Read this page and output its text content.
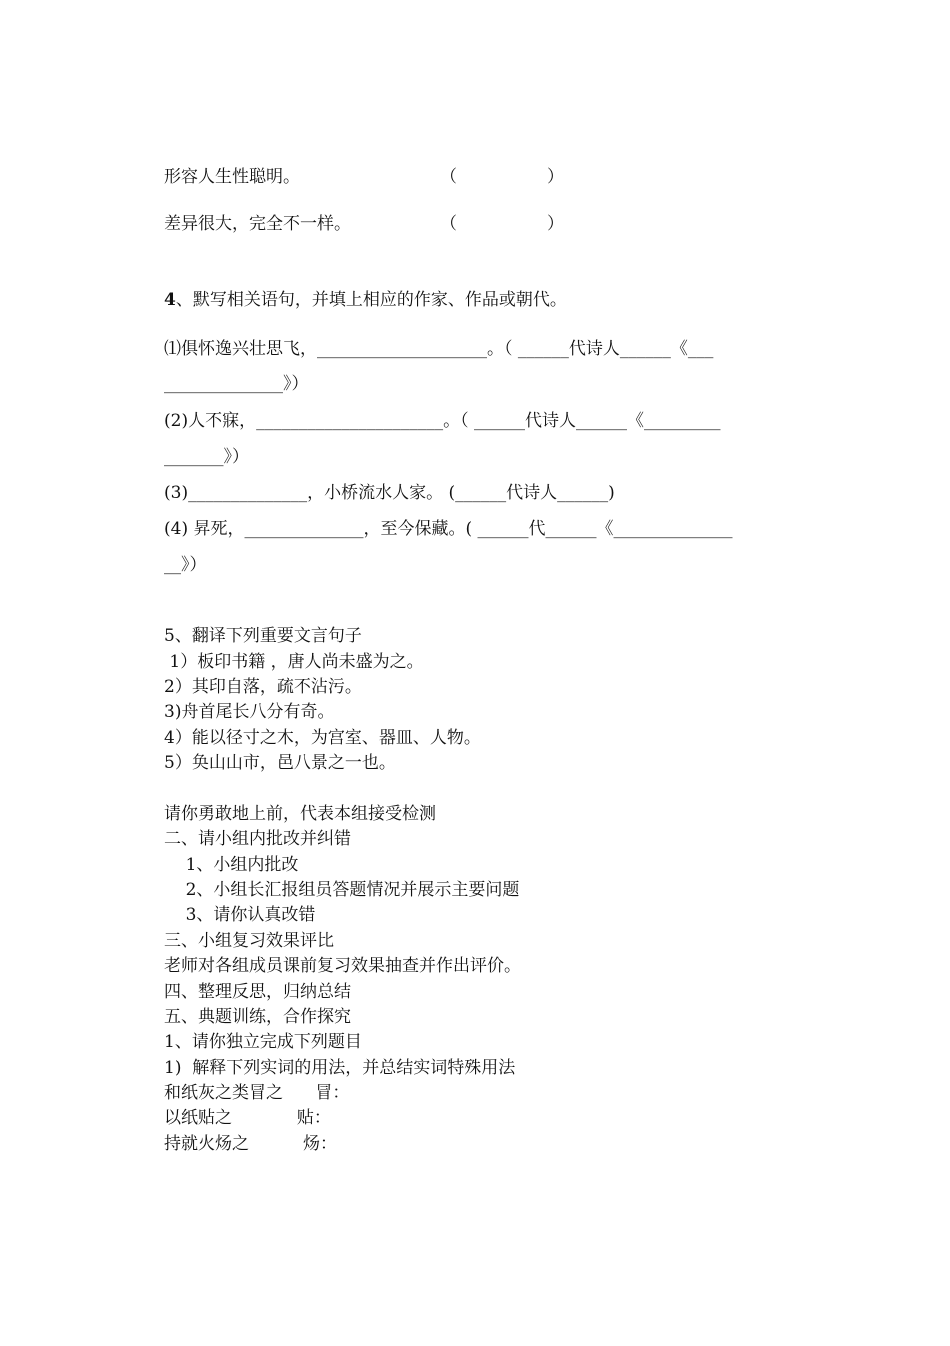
形容人生性聪明。	（	）
差异很大，完全不一样。	（	）
4、默写相关语句，并填上相应的作家、作品或朝代。
⑴俱怀逸兴壮思飞，____________________。（ ______代诗人______《___
______________》）
(2)人不寐，______________________。（ ______代诗人______《_________
_______》）
(3)______________，小桥流水人家。 (______代诗人______)
(4) 昇死，______________，至今保藏。( ______代______《______________
__》）
5、翻译下列重要文言句子
1）板印书籍 ，唐人尚未盛为之。
2）其印自落，疏不沾污。
3)舟首尾长八分有奇。
4）能以径寸之木，为宫室、器皿、人物。
5）奂山山市，邑八景之一也。
请你勇敢地上前，代表本组接受检测
二、请小组内批改并纠错
1、小组内批改
2、小组长汇报组员答题情况并展示主要问题
3、请你认真改错
三、小组复习效果评比
老师对各组成员课前复习效果抽查并作出评价。
四、整理反思，归纳总结
五、典题训练，合作探究
1、请你独立完成下列题目
1)  解释下列实词的用法，并总结实词特殊用法
和纸灰之类冒之      冒：
以纸贴之            贴：
持就火炀之          炀：
